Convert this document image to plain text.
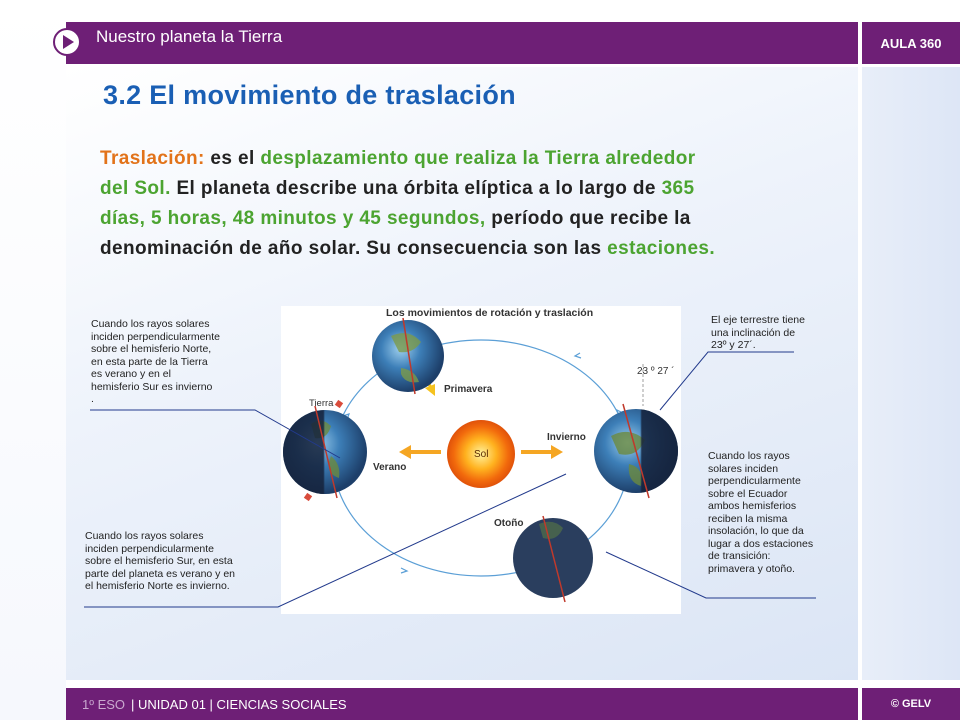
AULA 360
Nuestro planeta la Tierra
3.2 El movimiento de traslación
Traslación: es el desplazamiento que realiza la Tierra alrededor
del Sol. El planeta describe una órbita elíptica a lo largo de 365
días, 5 horas, 48 minutos y 45 segundos, período que recibe la
denominación de año solar. Su consecuencia son las estaciones.
Los movimientos de rotación y traslación
Sol
Tierra
Verano
Primavera
Invierno
23 º 27 ´
Otoño
Cuando los rayos solares
inciden perpendicularmente
sobre el hemisferio Norte,
en esta parte de la Tierra
es verano y en el
hemisferio Sur es invierno
.
Cuando los rayos solares
inciden perpendicularmente
sobre el hemisferio Sur, en esta
parte del planeta es verano y en
el hemisferio Norte es invierno.
El eje terrestre tiene
una inclinación de
23º y 27´.
Cuando los rayos
solares inciden
perpendicularmente
sobre el Ecuador
ambos hemisferios
reciben la misma
insolación, lo que da
lugar a dos estaciones
de transición:
primavera y otoño.
1º ESO | UNIDAD 01 | CIENCIAS SOCIALES	© GELV
